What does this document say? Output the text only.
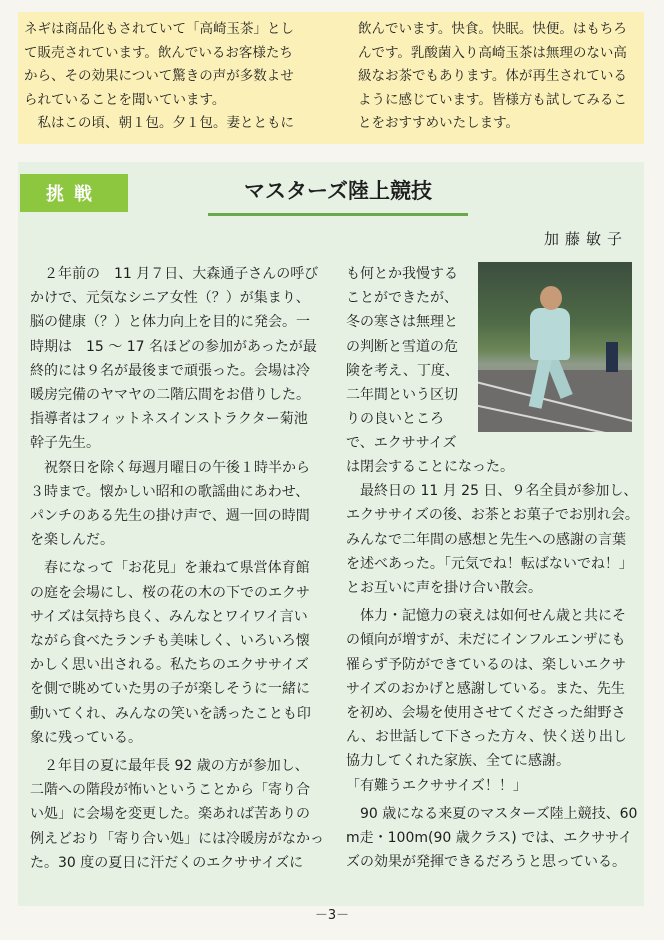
ネギは商品化もされていて「高崎玉茶」とし

て販売されています。飲んでいるお客様たち

から、その効果について驚きの声が多数よせ

られていることを聞いています。

　私はこの頃、朝１包。夕１包。妻とともに

飲んでいます。快食。快眠。快便。はもちろ

んです。乳酸菌入り高崎玉茶は無理のない高

級なお茶でもあります。体が再生されている

ように感じています。皆様方も試してみるこ

とをおすすめいたします。

挑戦	マスターズ陸上競技
加藤敏子

　２年前の　11 月７日、大森通子さんの呼び

かけで、元気なシニア女性（？）が集まり、

脳の健康（？）と体力向上を目的に発会。一

時期は　15 ～ 17 名ほどの参加があったが最

終的には９名が最後まで頑張った。会場は冷

暖房完備のヤマヤの二階広間をお借りした。

指導者はフィットネスインストラクター菊池

幹子先生。

　祝祭日を除く毎週月曜日の午後１時半から

３時まで。懐かしい昭和の歌謡曲にあわせ、

パンチのある先生の掛け声で、週一回の時間

を楽しんだ。

　春になって「お花見」を兼ねて県営体育館

の庭を会場にし、桜の花の木の下でのエクサ

サイズは気持ち良く、みんなとワイワイ言い

ながら食べたランチも美味しく、いろいろ懐

かしく思い出される。私たちのエクササイズ

を側で眺めていた男の子が楽しそうに一緒に

動いてくれ、みんなの笑いを誘ったことも印

象に残っている。

　２年目の夏に最年長 92 歳の方が参加し、

二階への階段が怖いということから「寄り合

い処」に会場を変更した。楽あれば苦ありの

例えどおり「寄り合い処」には冷暖房がなかっ

た。30 度の夏日に汗だくのエクササイズに

も何とか我慢する

ことができたが、

冬の寒さは無理と

の判断と雪道の危

険を考え、丁度、

二年間という区切

りの良いところ

で、エクササイズ

は閉会することになった。

　最終日の 11 月 25 日、９名全員が参加し、

エクササイズの後、お茶とお菓子でお別れ会。

みんなで二年間の感想と先生への感謝の言葉

を述べあった。「元気でね！転ばないでね！」

とお互いに声を掛け合い散会。

　体力・記憶力の衰えは如何せん歳と共にそ

の傾向が増すが、未だにインフルエンザにも

罹らず予防ができているのは、楽しいエクサ

サイズのおかげと感謝している。また、先生

を初め、会場を使用させてくださった紺野さ

ん、お世話して下さった方々、快く送り出し

協力してくれた家族、全てに感謝。

「有難うエクササイズ！！」

　90 歳になる来夏のマスターズ陸上競技、60

m走・100m(90 歳クラス) では、エクササイ

ズの効果が発揮できるだろうと思っている。

－3－
